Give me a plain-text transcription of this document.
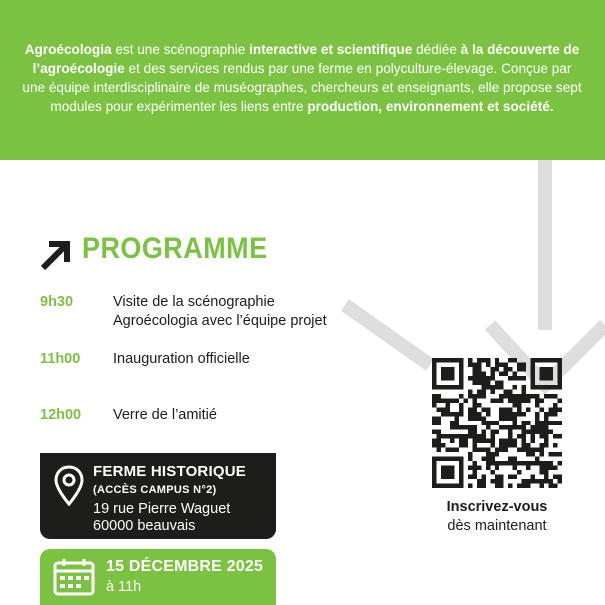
Agroécologia est une scénographie interactive et scientifique dédiée à la découverte de l’agroécologie et des services rendus par une ferme en polyculture-élevage. Conçue par une équipe interdisciplinaire de muséographes, chercheurs et enseignants, elle propose sept modules pour expérimenter les liens entre production, environnement et société.
PROGRAMME
9h30	Visite de la scénographie
Agroécologia avec l’équipe projet
11h00	Inauguration officielle
12h00	Verre de l’amitié
FERME HISTORIQUE
(ACCÈS CAMPUS N°2)
19 rue Pierre Waguet
60000 beauvais
15 DÉCEMBRE 2025
à 11h
Inscrivez-vous
dès maintenant
